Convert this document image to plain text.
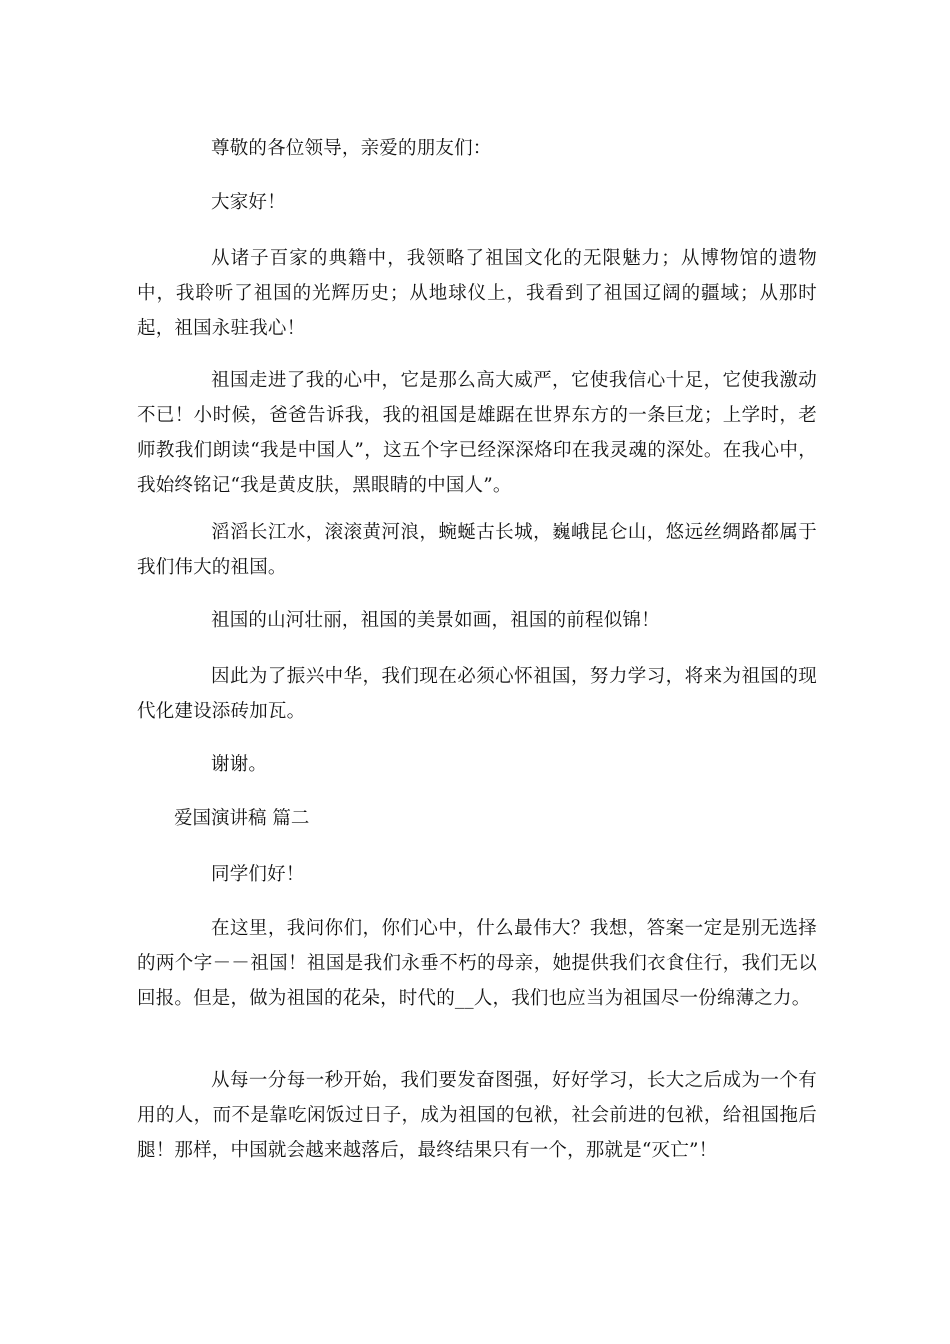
尊敬的各位领导，亲爱的朋友们：

大家好！

从诸子百家的典籍中，我领略了祖国文化的无限魅力；从博物馆的遗物中，我聆听了祖国的光辉历史；从地球仪上，我看到了祖国辽阔的疆域；从那时起，祖国永驻我心！

祖国走进了我的心中，它是那么高大威严，它使我信心十足，它使我激动不已！小时候，爸爸告诉我，我的祖国是雄踞在世界东方的一条巨龙；上学时，老师教我们朗读“我是中国人”，这五个字已经深深烙印在我灵魂的深处。在我心中，我始终铭记“我是黄皮肤，黑眼睛的中国人”。

滔滔长江水，滚滚黄河浪，蜿蜒古长城，巍峨昆仑山，悠远丝绸路都属于我们伟大的祖国。

祖国的山河壮丽，祖国的美景如画，祖国的前程似锦！

因此为了振兴中华，我们现在必须心怀祖国，努力学习，将来为祖国的现代化建设添砖加瓦。

谢谢。

爱国演讲稿 篇二

同学们好！

在这里，我问你们，你们心中，什么最伟大？我想，答案一定是别无选择的两个字－－祖国！祖国是我们永垂不朽的母亲，她提供我们衣食住行，我们无以回报。但是，做为祖国的花朵，时代的__人，我们也应当为祖国尽一份绵薄之力。

从每一分每一秒开始，我们要发奋图强，好好学习，长大之后成为一个有用的人，而不是靠吃闲饭过日子，成为祖国的包袱，社会前进的包袱，给祖国拖后腿！那样，中国就会越来越落后，最终结果只有一个，那就是“灭亡”！
